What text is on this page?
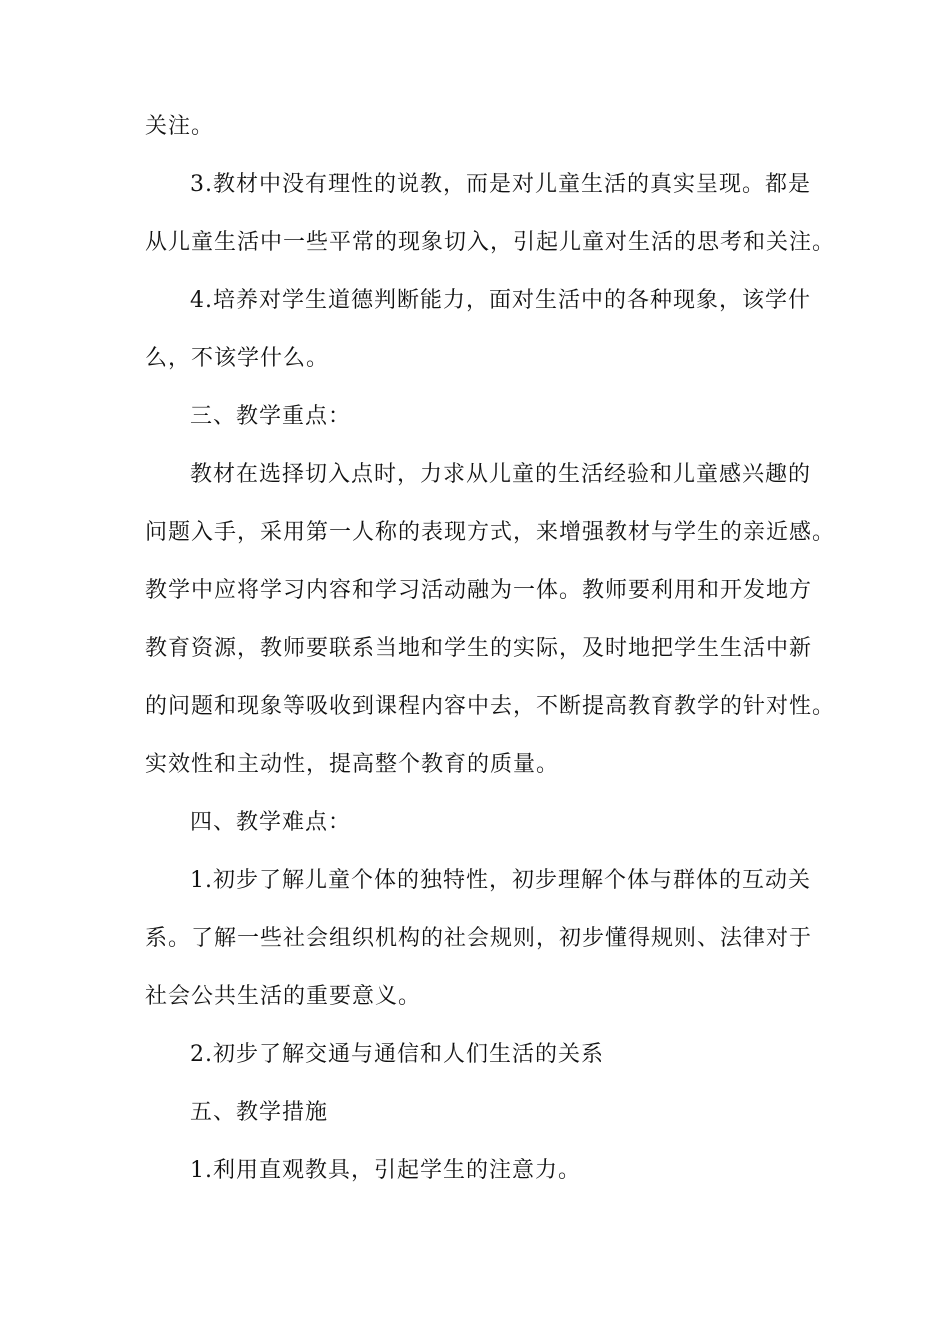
关注。
3.教材中没有理性的说教，而是对儿童生活的真实呈现。都是
从儿童生活中一些平常的现象切入，引起儿童对生活的思考和关注。
4.培养对学生道德判断能力，面对生活中的各种现象，该学什
么，不该学什么。
三、教学重点：
教材在选择切入点时，力求从儿童的生活经验和儿童感兴趣的
问题入手，采用第一人称的表现方式，来增强教材与学生的亲近感。
教学中应将学习内容和学习活动融为一体。教师要利用和开发地方
教育资源，教师要联系当地和学生的实际，及时地把学生生活中新
的问题和现象等吸收到课程内容中去，不断提高教育教学的针对性。
实效性和主动性，提高整个教育的质量。
四、教学难点：
1.初步了解儿童个体的独特性，初步理解个体与群体的互动关
系。了解一些社会组织机构的社会规则，初步懂得规则、法律对于
社会公共生活的重要意义。
2.初步了解交通与通信和人们生活的关系
五、教学措施
1.利用直观教具，引起学生的注意力。
